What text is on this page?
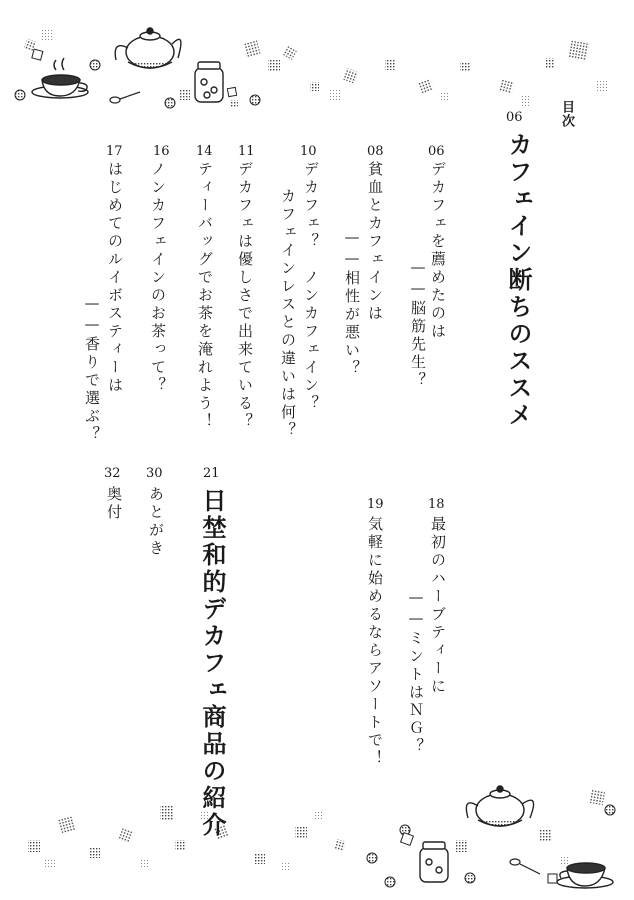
目次
06
カフェイン断ちのススメ
06
デカフェを薦めたのは
——脳筋先生？
08
貧血とカフェインは
——相性が悪い？
10
デカフェ？　ノンカフェイン？
カフェインレスとの違いは何？
11
デカフェは優しさで出来ている？
14
ティーバッグでお茶を淹れよう！
16
ノンカフェインのお茶って？
17
はじめてのルイボスティーは
——香りで選ぶ？
18
最初のハーブティーに
——ミントはＮＧ？
19
気軽に始めるならアソートで！
21
日埜和的デカフェ商品の紹介
30
あとがき
32
奥付
